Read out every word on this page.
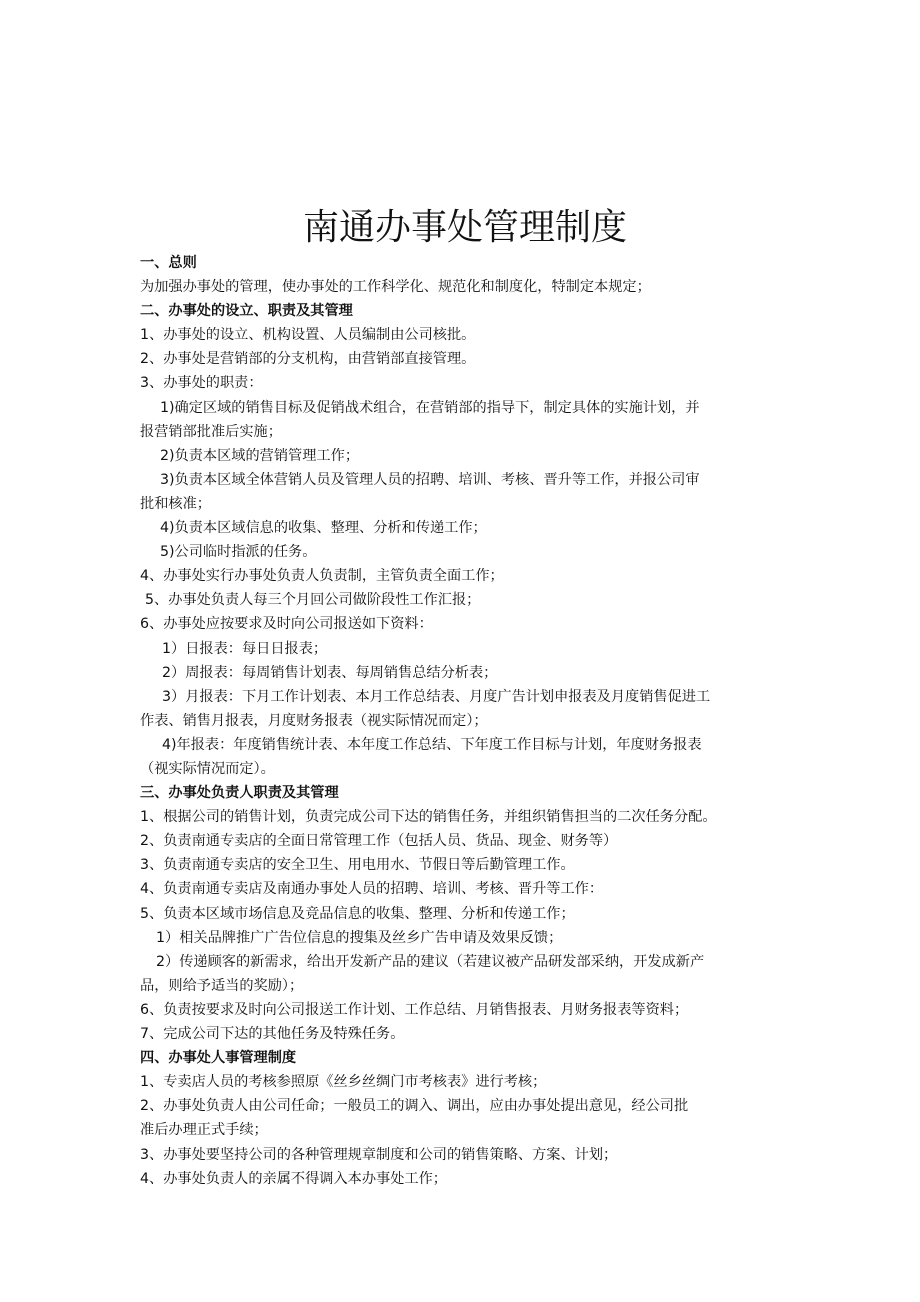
南通办事处管理制度
一、总则
为加强办事处的管理，使办事处的工作科学化、规范化和制度化，特制定本规定；
二、办事处的设立、职责及其管理
1、办事处的设立、机构设置、人员编制由公司核批。
2、办事处是营销部的分支机构，由营销部直接管理。
3、办事处的职责：
1)确定区域的销售目标及促销战术组合，在营销部的指导下，制定具体的实施计划，并
报营销部批准后实施；
2)负责本区域的营销管理工作；
3)负责本区域全体营销人员及管理人员的招聘、培训、考核、晋升等工作，并报公司审
批和核准；
4)负责本区域信息的收集、整理、分析和传递工作；
5)公司临时指派的任务。
4、办事处实行办事处负责人负责制，主管负责全面工作；
5、办事处负责人每三个月回公司做阶段性工作汇报；
6、办事处应按要求及时向公司报送如下资料：
1）日报表：每日日报表；
2）周报表：每周销售计划表、每周销售总结分析表；
3）月报表：下月工作计划表、本月工作总结表、月度广告计划申报表及月度销售促进工
作表、销售月报表，月度财务报表（视实际情况而定）；
4)年报表：年度销售统计表、本年度工作总结、下年度工作目标与计划，年度财务报表
（视实际情况而定）。
三、办事处负责人职责及其管理
1、根据公司的销售计划，负责完成公司下达的销售任务，并组织销售担当的二次任务分配。
2、负责南通专卖店的全面日常管理工作（包括人员、货品、现金、财务等）
3、负责南通专卖店的安全卫生、用电用水、节假日等后勤管理工作。
4、负责南通专卖店及南通办事处人员的招聘、培训、考核、晋升等工作：
5、负责本区域市场信息及竞品信息的收集、整理、分析和传递工作；
1）相关品牌推广广告位信息的搜集及丝乡广告申请及效果反馈；
2）传递顾客的新需求，给出开发新产品的建议（若建议被产品研发部采纳，开发成新产
品，则给予适当的奖励）；
6、负责按要求及时向公司报送工作计划、工作总结、月销售报表、月财务报表等资料；
7、完成公司下达的其他任务及特殊任务。
四、办事处人事管理制度
1、专卖店人员的考核参照原《丝乡丝绸门市考核表》进行考核；
2、办事处负责人由公司任命；一般员工的调入、调出，应由办事处提出意见，经公司批
准后办理正式手续；
3、办事处要坚持公司的各种管理规章制度和公司的销售策略、方案、计划；
4、办事处负责人的亲属不得调入本办事处工作；
